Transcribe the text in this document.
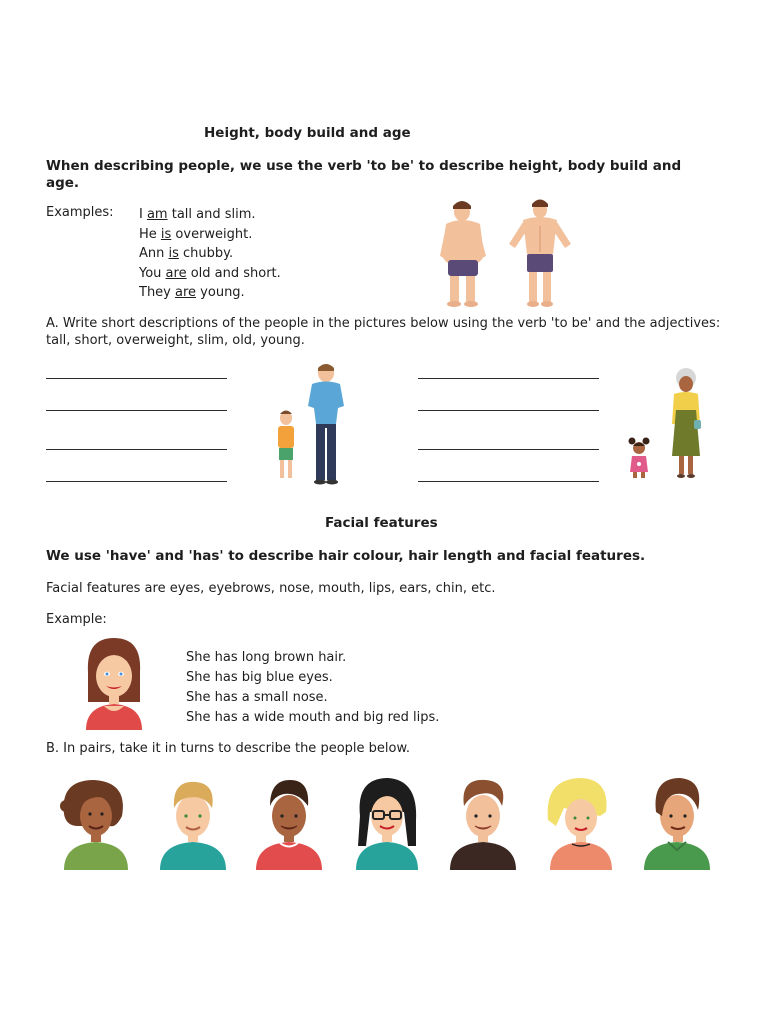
Height, body build and age
When describing people, we use the verb 'to be' to describe height, body build and age.
Examples: I am tall and slim.
He is overweight.
Ann is chubby.
You are old and short.
They are young.
A. Write short descriptions of the people in the pictures below using the verb 'to be' and the adjectives: tall, short, overweight, slim, old, young.
Facial features
We use 'have' and 'has' to describe hair colour, hair length and facial features.
Facial features are eyes, eyebrows, nose, mouth, lips, ears, chin, etc.
Example:
She has long brown hair.
She has big blue eyes.
She has a small nose.
She has a wide mouth and big red lips.
B. In pairs, take it in turns to describe the people below.
